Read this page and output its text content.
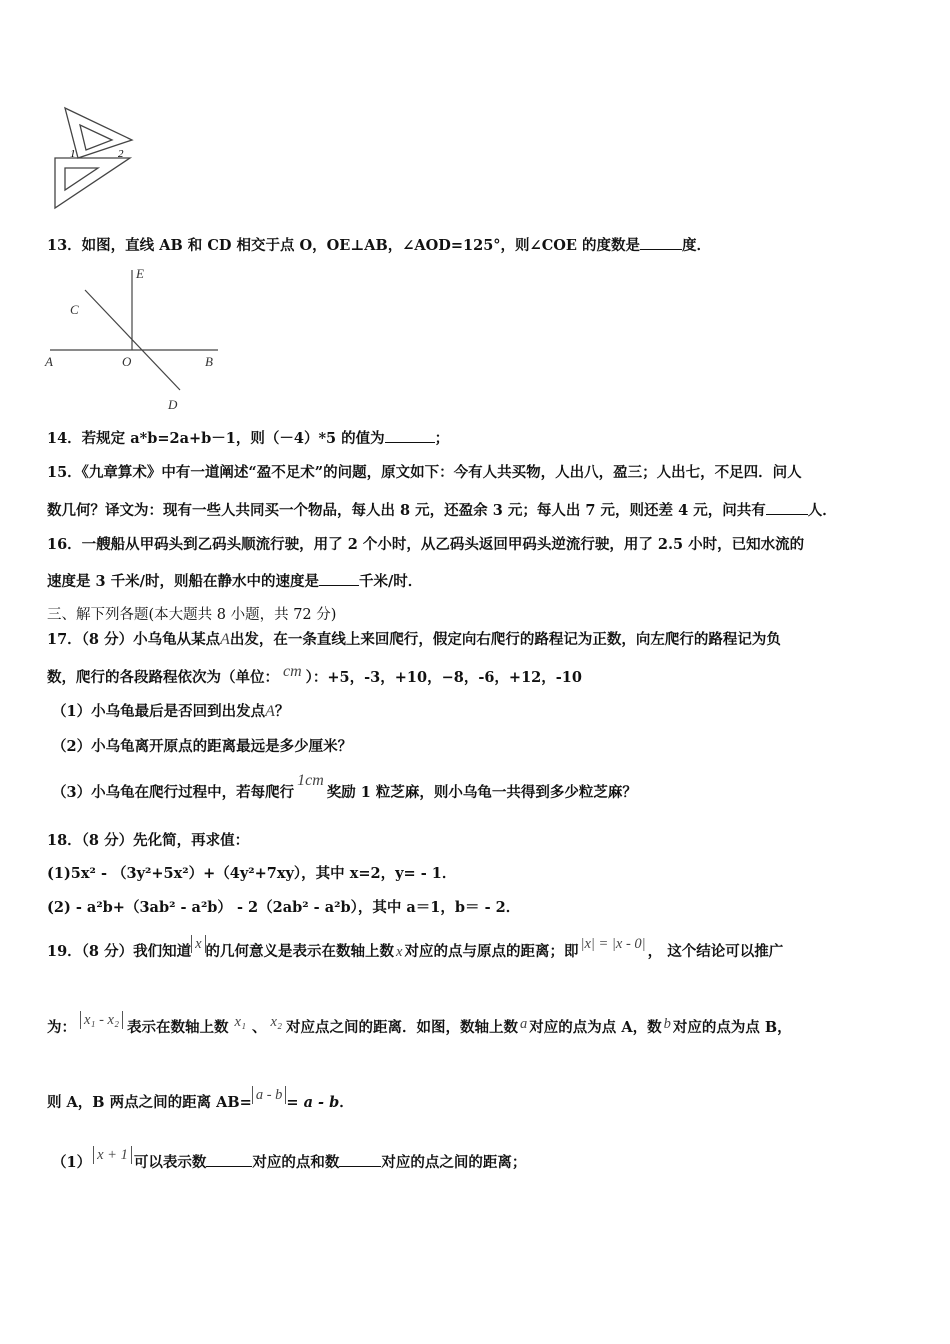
1	2
13．如图，直线 AB 和 CD 相交于点 O，OE⊥AB，∠AOD=125°，则∠COE 的度数是	度．
E
C
A	O	B
D
14．若规定 a*b=2a+b－1，则（－4）*5 的值为	；
15．《九章算术》中有一道阐述“盈不足术”的问题，原文如下：今有人共买物，人出八，盈三；人出七，不足四．问人
数几何？译文为：现有一些人共同买一个物品，每人出 8 元，还盈余 3 元；每人出 7 元，则还差 4 元，问共有	人．
16．一艘船从甲码头到乙码头顺流行驶，用了 2 个小时，从乙码头返回甲码头逆流行驶，用了 2.5 小时，已知水流的
速度是 3 千米/时，则船在静水中的速度是	千米/时．
三、解下列各题(本大题共 8 小题，共 72 分)
17．（8 分）小乌龟从某点A出发，在一条直线上来回爬行，假定向右爬行的路程记为正数，向左爬行的路程记为负
数，爬行的各段路程依次为（单位： cm ）：+5，-3，+10，−8，-6，+12，-10
（1）小乌龟最后是否回到出发点A？
（2）小乌龟离开原点的距离最远是多少厘米？
（3）小乌龟在爬行过程中，若每爬行1cm奖励 1 粒芝麻，则小乌龟一共得到多少粒芝麻？
18．（8 分）先化简，再求值：
(1)5x² - （3y²+5x²）+（4y²+7xy），其中 x=2，y= - 1．
(2) - a²b+（3ab² - a²b） - 2（2ab² - a²b），其中 a＝1，b＝ - 2．
19．（8 分）我们知道 x 的几何意义是表示在数轴上数 x 对应的点与原点的距离；即 |x| = |x - 0| ， 这个结论可以推广
为： x₁ - x₂ 表示在数轴上数 x₁ 、 x₂ 对应点之间的距离．如图，数轴上数 a 对应的点为点 A，数 b 对应的点为点 B，
则 A，B 两点之间的距离 AB= a - b = a - b．
（1） x + 1 可以表示数	对应的点和数	对应的点之间的距离；
